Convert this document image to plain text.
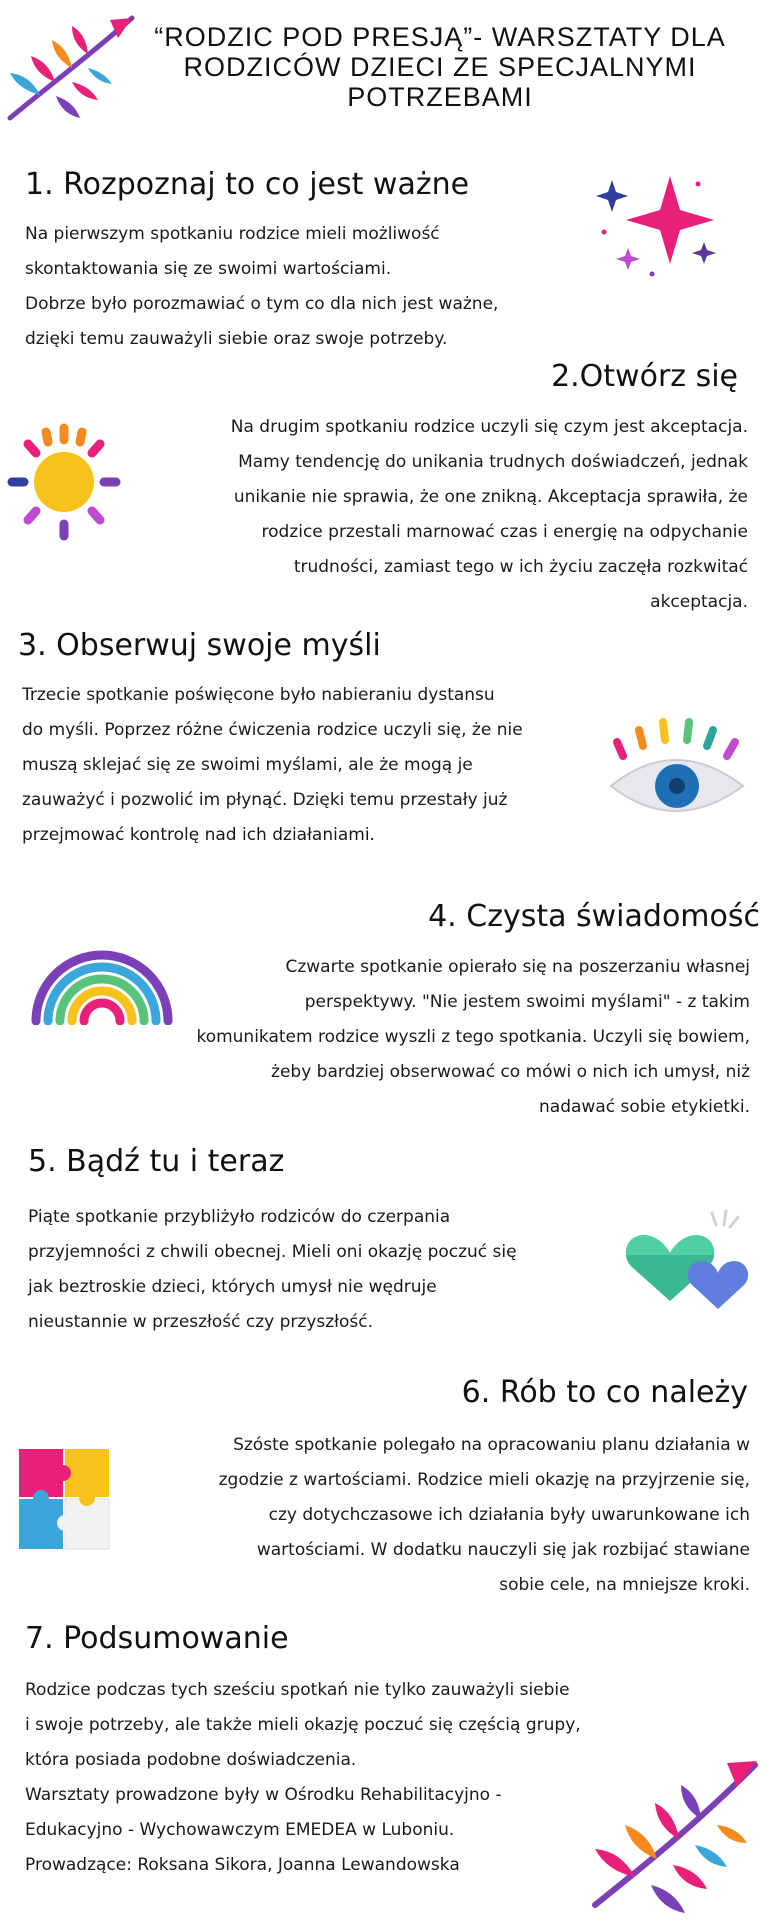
“RODZIC POD PRESJĄ”- WARSZTATY DLA RODZICÓW DZIECI ZE SPECJALNYMI POTRZEBAMI
1. Rozpoznaj to co jest ważne
Na pierwszym spotkaniu rodzice mieli możliwość
skontaktowania się ze swoimi wartościami.
Dobrze było porozmawiać o tym co dla nich jest ważne,
dzięki temu zauważyli siebie oraz swoje potrzeby.
2.Otwórz się
Na drugim spotkaniu rodzice uczyli się czym jest akceptacja.
Mamy tendencję do unikania trudnych doświadczeń, jednak
unikanie nie sprawia, że one znikną. Akceptacja sprawiła, że
rodzice przestali marnować czas i energię na odpychanie
trudności, zamiast tego w ich życiu zaczęła rozkwitać
akceptacja.
3. Obserwuj swoje myśli
Trzecie spotkanie poświęcone było nabieraniu dystansu
do myśli. Poprzez różne ćwiczenia rodzice uczyli się, że nie
muszą sklejać się ze swoimi myślami, ale że mogą je
zauważyć i pozwolić im płynąć. Dzięki temu przestały już
przejmować kontrolę nad ich działaniami.
4. Czysta świadomość
Czwarte spotkanie opierało się na poszerzaniu własnej
perspektywy. "Nie jestem swoimi myślami" - z takim
komunikatem rodzice wyszli z tego spotkania. Uczyli się bowiem,
żeby bardziej obserwować co mówi o nich ich umysł, niż
nadawać sobie etykietki.
5. Bądź tu i teraz
Piąte spotkanie przybliżyło rodziców do czerpania
przyjemności z chwili obecnej. Mieli oni okazję poczuć się
jak beztroskie dzieci, których umysł nie wędruje
nieustannie w przeszłość czy przyszłość.
6. Rób to co należy
Szóste spotkanie polegało na opracowaniu planu działania w
zgodzie z wartościami. Rodzice mieli okazję na przyjrzenie się,
czy dotychczasowe ich działania były uwarunkowane ich
wartościami. W dodatku nauczyli się jak rozbijać stawiane
sobie cele, na mniejsze kroki.
7. Podsumowanie
Rodzice podczas tych sześciu spotkań nie tylko zauważyli siebie
i swoje potrzeby, ale także mieli okazję poczuć się częścią grupy,
która posiada podobne doświadczenia.
Warsztaty prowadzone były w Ośrodku Rehabilitacyjno -
Edukacyjno - Wychowawczym EMEDEA w Luboniu.
Prowadzące: Roksana Sikora, Joanna Lewandowska
